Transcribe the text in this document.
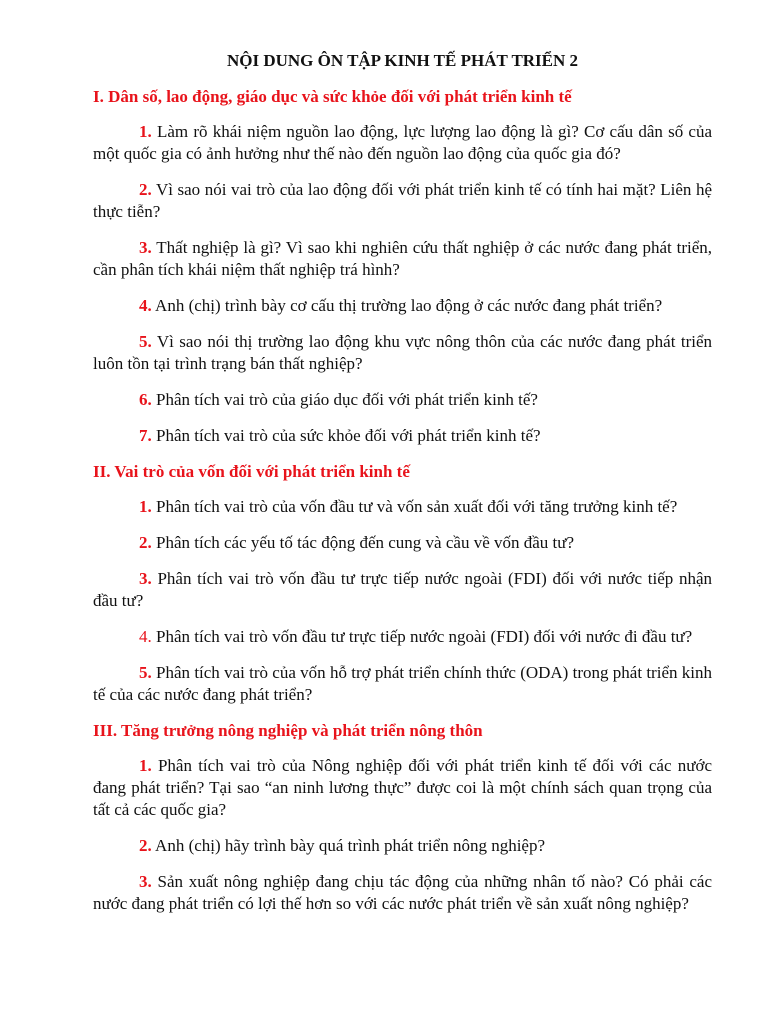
NỘI DUNG ÔN TẬP KINH TẾ PHÁT TRIỂN 2
I. Dân số, lao động, giáo dục và sức khỏe đối với phát triển kinh tế

1. Làm rõ khái niệm nguồn lao động, lực lượng lao động là gì? Cơ cấu dân số của một quốc gia có ảnh hưởng như thế nào đến nguồn lao động của quốc gia đó?

2. Vì sao nói vai trò của lao động đối với phát triển kinh tế có tính hai mặt? Liên hệ thực tiễn?

3. Thất nghiệp là gì? Vì sao khi nghiên cứu thất nghiệp ở các nước đang phát triển, cần phân tích khái niệm thất nghiệp trá hình?

4. Anh (chị) trình bày cơ cấu thị trường lao động ở các nước đang phát triển?

5. Vì sao nói thị trường lao động khu vực nông thôn của các nước đang phát triển luôn tồn tại trình trạng bán thất nghiệp?

6. Phân tích vai trò của giáo dục đối với phát triển kinh tế?

7. Phân tích vai trò của sức khỏe đối với phát triển kinh tế?

II. Vai trò của vốn đối với phát triển kinh tế

1. Phân tích vai trò của vốn đầu tư và vốn sản xuất đối với tăng trưởng kinh tế?

2. Phân tích các yếu tố tác động đến cung và cầu về vốn đầu tư?

3. Phân tích vai trò vốn đầu tư trực tiếp nước ngoài (FDI) đối với nước tiếp nhận đầu tư?

4. Phân tích vai trò vốn đầu tư trực tiếp nước ngoài (FDI) đối với nước đi đầu tư?

5. Phân tích vai trò của vốn hỗ trợ phát triển chính thức (ODA) trong phát triển kinh tế của các nước đang phát triển?

III. Tăng trưởng nông nghiệp và phát triển nông thôn

1. Phân tích vai trò của Nông nghiệp đối với phát triển kinh tế đối với các nước đang phát triển? Tại sao “an ninh lương thực” được coi là một chính sách quan trọng của tất cả các quốc gia?

2. Anh (chị) hãy trình bày quá trình phát triển nông nghiệp?

3. Sản xuất nông nghiệp đang chịu tác động của những nhân tố nào? Có phải các nước đang phát triển có lợi thế hơn so với các nước phát triển về sản xuất nông nghiệp?
